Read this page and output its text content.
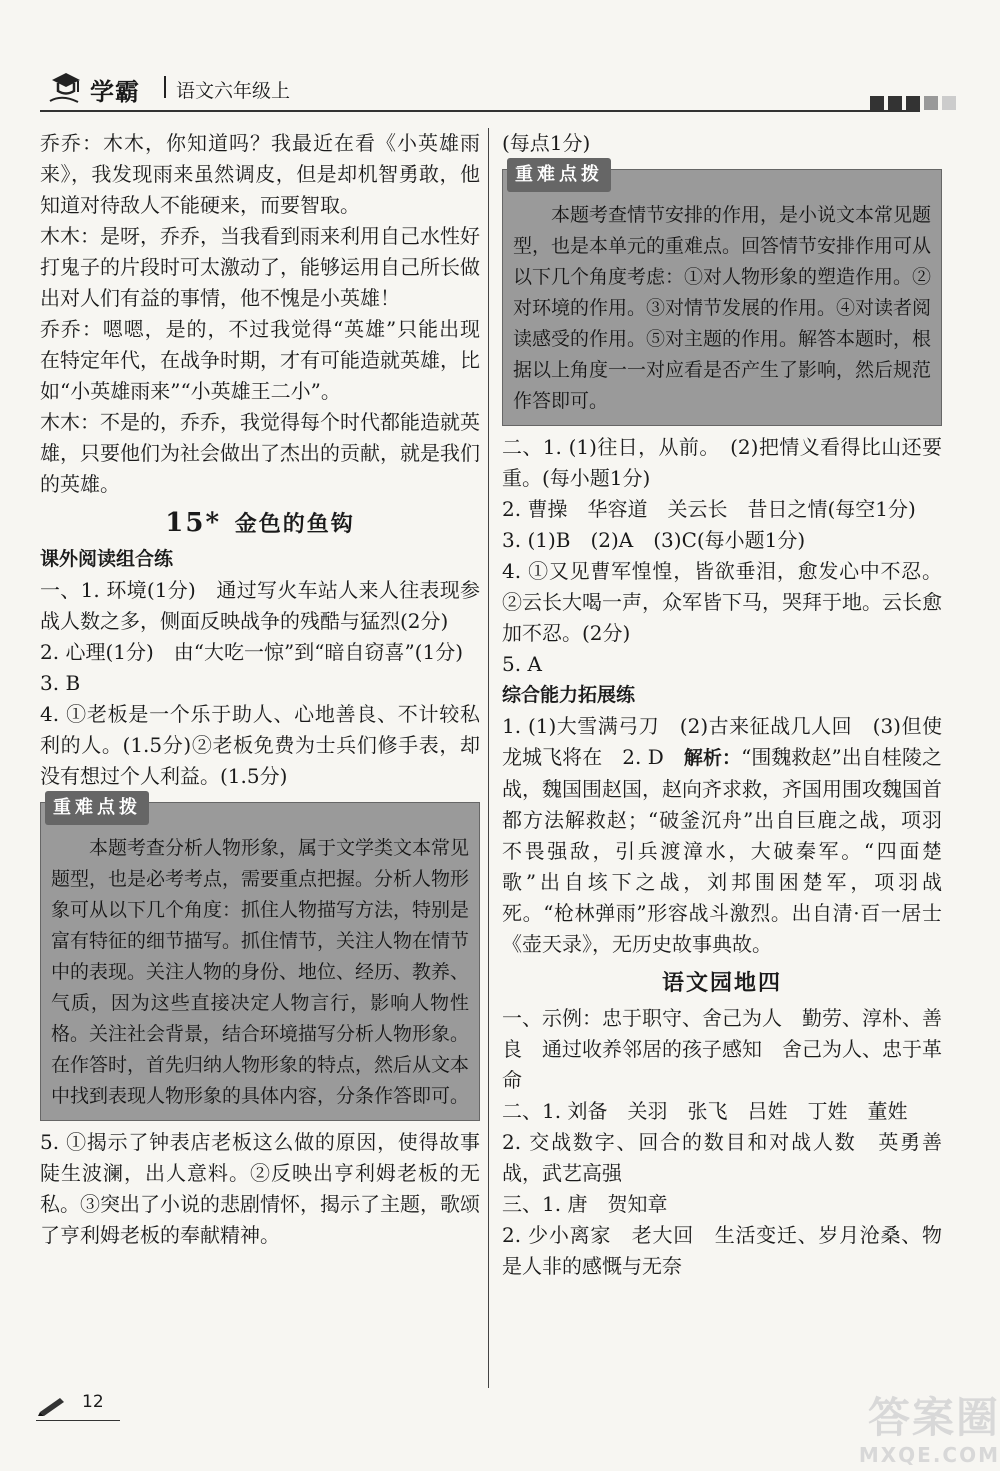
学霸 语文六年级上

乔乔：木木，你知道吗？我最近在看《小英雄雨来》，我发现雨来虽然调皮，但是却机智勇敢，他知道对待敌人不能硬来，而要智取。

木木：是呀，乔乔，当我看到雨来利用自己水性好打鬼子的片段时可太激动了，能够运用自己所长做出对人们有益的事情，他不愧是小英雄！

乔乔：嗯嗯，是的，不过我觉得“英雄”只能出现在特定年代，在战争时期，才有可能造就英雄，比如“小英雄雨来”“小英雄王二小”。

木木：不是的，乔乔，我觉得每个时代都能造就英雄，只要他们为社会做出了杰出的贡献，就是我们的英雄。

15* 金色的鱼钩

课外阅读组合练

一、1. 环境(1分)　通过写火车站人来人往表现参战人数之多，侧面反映战争的残酷与猛烈(2分)

2. 心理(1分)　由“大吃一惊”到“暗自窃喜”(1分)

3. B

4. ①老板是一个乐于助人、心地善良、不计较私利的人。(1.5分)②老板免费为士兵们修手表，却没有想过个人利益。(1.5分)

重难点拨

本题考查分析人物形象，属于文学类文本常见题型，也是必考考点，需要重点把握。分析人物形象可从以下几个角度：抓住人物描写方法，特别是富有特征的细节描写。抓住情节，关注人物在情节中的表现。关注人物的身份、地位、经历、教养、气质，因为这些直接决定人物言行，影响人物性格。关注社会背景，结合环境描写分析人物形象。在作答时，首先归纳人物形象的特点，然后从文本中找到表现人物形象的具体内容，分条作答即可。

5. ①揭示了钟表店老板这么做的原因，使得故事陡生波澜，出人意料。②反映出亨利姆老板的无私。③突出了小说的悲剧情怀，揭示了主题，歌颂了亨利姆老板的奉献精神。

(每点1分)

重难点拨

本题考查情节安排的作用，是小说文本常见题型，也是本单元的重难点。回答情节安排作用可从以下几个角度考虑：①对人物形象的塑造作用。②对环境的作用。③对情节发展的作用。④对读者阅读感受的作用。⑤对主题的作用。解答本题时，根据以上角度一一对应看是否产生了影响，然后规范作答即可。

二、1. (1)往日，从前。　(2)把情义看得比山还要重。(每小题1分)

2. 曹操　华容道　关云长　昔日之情(每空1分)

3. (1)B　(2)A　(3)C(每小题1分)

4. ①又见曹军惶惶，皆欲垂泪，愈发心中不忍。②云长大喝一声，众军皆下马，哭拜于地。云长愈加不忍。(2分)

5. A

综合能力拓展练

1. (1)大雪满弓刀　(2)古来征战几人回　(3)但使龙城飞将在　2. D　解析：“围魏救赵”出自桂陵之战，魏国围赵国，赵向齐求救，齐国用围攻魏国首都方法解救赵；“破釜沉舟”出自巨鹿之战，项羽不畏强敌，引兵渡漳水，大破秦军。“四面楚歌”出自垓下之战，刘邦围困楚军，项羽战死。“枪林弹雨”形容战斗激烈。出自清·百一居士《壶天录》，无历史故事典故。

语文园地四

一、示例：忠于职守、舍己为人　勤劳、淳朴、善良　通过收养邻居的孩子感知　舍己为人、忠于革命

二、1. 刘备　关羽　张飞　吕姓　丁姓　董姓

2. 交战数字、回合的数目和对战人数　英勇善战，武艺高强

三、1. 唐　贺知章

2. 少小离家　老大回　生活变迁、岁月沧桑、物是人非的感慨与无奈

12	答案圈
MXQE.COM
